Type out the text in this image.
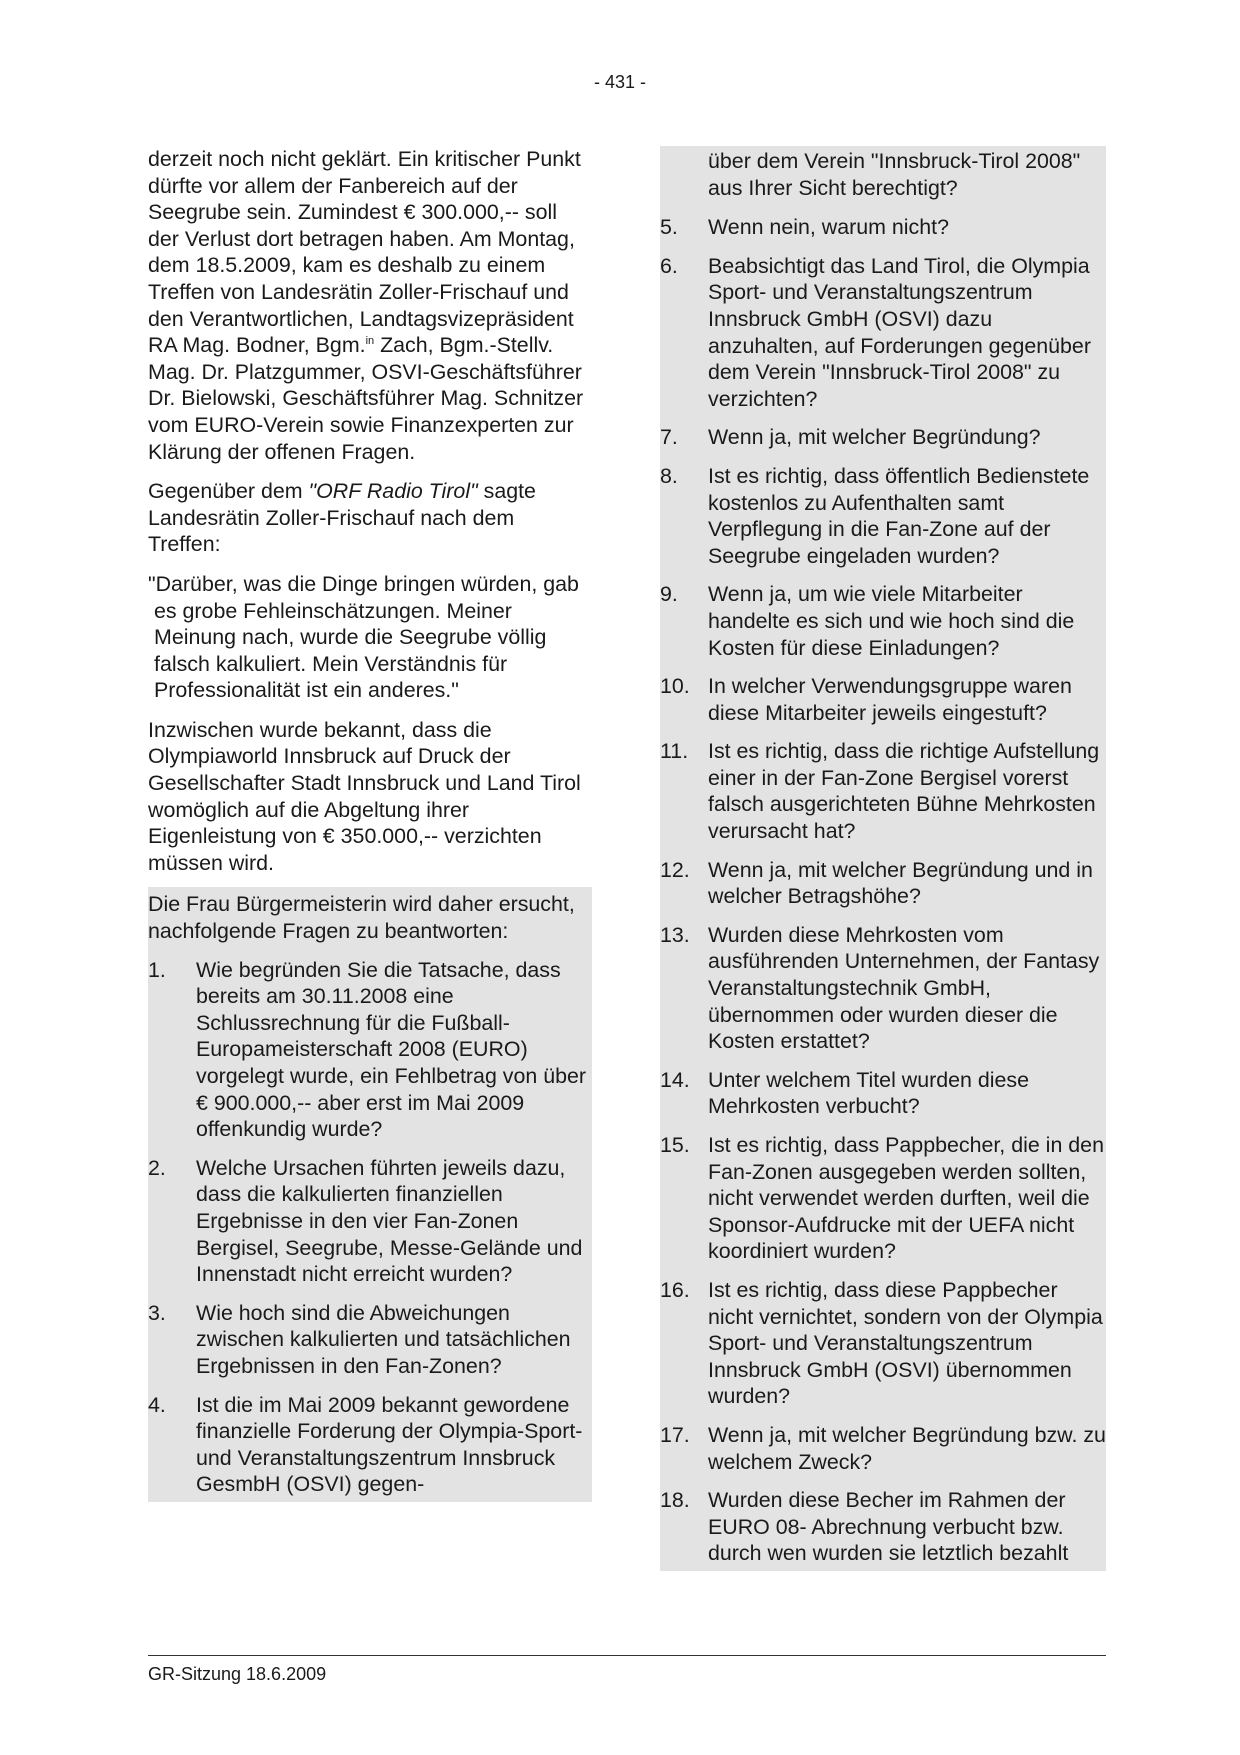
- 431 -

derzeit noch nicht geklärt. Ein kritischer Punkt dürfte vor allem der Fanbereich auf der Seegrube sein. Zumindest € 300.000,-- soll der Verlust dort betragen haben. Am Montag, dem 18.5.2009, kam es deshalb zu einem Treffen von Landesrätin Zoller-Frischauf und den Verantwortlichen, Landtagsvizepräsident RA Mag. Bodner, Bgm.$^{in}$ Zach, Bgm.-Stellv. Mag. Dr. Platzgummer, OSVI-Geschäftsführer Dr. Bielowski, Geschäftsführer Mag. Schnitzer vom EURO-Verein sowie Finanzexperten zur Klärung der offenen Fragen.

Gegenüber dem "ORF Radio Tirol" sagte Landesrätin Zoller-Frischauf nach dem Treffen:

"Darüber, was die Dinge bringen würden, gab es grobe Fehleinschätzungen. Meiner Meinung nach, wurde die Seegrube völlig falsch kalkuliert. Mein Verständnis für Professionalität ist ein anderes."

Inzwischen wurde bekannt, dass die Olympiaworld Innsbruck auf Druck der Gesellschafter Stadt Innsbruck und Land Tirol womöglich auf die Abgeltung ihrer Eigenleistung von € 350.000,-- verzichten müssen wird.

Die Frau Bürgermeisterin wird daher ersucht, nachfolgende Fragen zu beantworten:

1.	Wie begründen Sie die Tatsache, dass bereits am 30.11.2008 eine Schlussrechnung für die Fußball-Europameisterschaft 2008 (EURO) vorgelegt wurde, ein Fehlbetrag von über € 900.000,-- aber erst im Mai 2009 offenkundig wurde?
2.	Welche Ursachen führten jeweils dazu, dass die kalkulierten finanziellen Ergebnisse in den vier Fan-Zonen Bergisel, Seegrube, Messe-Gelände und Innenstadt nicht erreicht wurden?
3.	Wie hoch sind die Abweichungen zwischen kalkulierten und tatsächlichen Ergebnissen in den Fan-Zonen?
4.	Ist die im Mai 2009 bekannt gewordene finanzielle Forderung der Olympia-Sport- und Veranstaltungszentrum Innsbruck GesmbH (OSVI) gegen-

über dem Verein "Innsbruck-Tirol 2008" aus Ihrer Sicht berechtigt?

5.	Wenn nein, warum nicht?
6.	Beabsichtigt das Land Tirol, die Olympia Sport- und Veranstaltungszentrum Innsbruck GmbH (OSVI) dazu anzuhalten, auf Forderungen gegenüber dem Verein "Innsbruck-Tirol 2008" zu verzichten?
7.	Wenn ja, mit welcher Begründung?
8.	Ist es richtig, dass öffentlich Bedienstete kostenlos zu Aufenthalten samt Verpflegung in die Fan-Zone auf der Seegrube eingeladen wurden?
9.	Wenn ja, um wie viele Mitarbeiter handelte es sich und wie hoch sind die Kosten für diese Einladungen?
10. In welcher Verwendungsgruppe waren diese Mitarbeiter jeweils eingestuft?
11. Ist es richtig, dass die richtige Aufstellung einer in der Fan-Zone Bergisel vorerst falsch ausgerichteten Bühne Mehrkosten verursacht hat?
12. Wenn ja, mit welcher Begründung und in welcher Betragshöhe?
13. Wurden diese Mehrkosten vom ausführenden Unternehmen, der Fantasy Veranstaltungstechnik GmbH, übernommen oder wurden dieser die Kosten erstattet?
14. Unter welchem Titel wurden diese Mehrkosten verbucht?
15. Ist es richtig, dass Pappbecher, die in den Fan-Zonen ausgegeben werden sollten, nicht verwendet werden durften, weil die Sponsor-Aufdrucke mit der UEFA nicht koordiniert wurden?
16. Ist es richtig, dass diese Pappbecher nicht vernichtet, sondern von der Olympia Sport- und Veranstaltungszentrum Innsbruck GmbH (OSVI) übernommen wurden?
17. Wenn ja, mit welcher Begründung bzw. zu welchem Zweck?
18. Wurden diese Becher im Rahmen der EURO 08- Abrechnung verbucht bzw. durch wen wurden sie letztlich bezahlt
GR-Sitzung 18.6.2009
